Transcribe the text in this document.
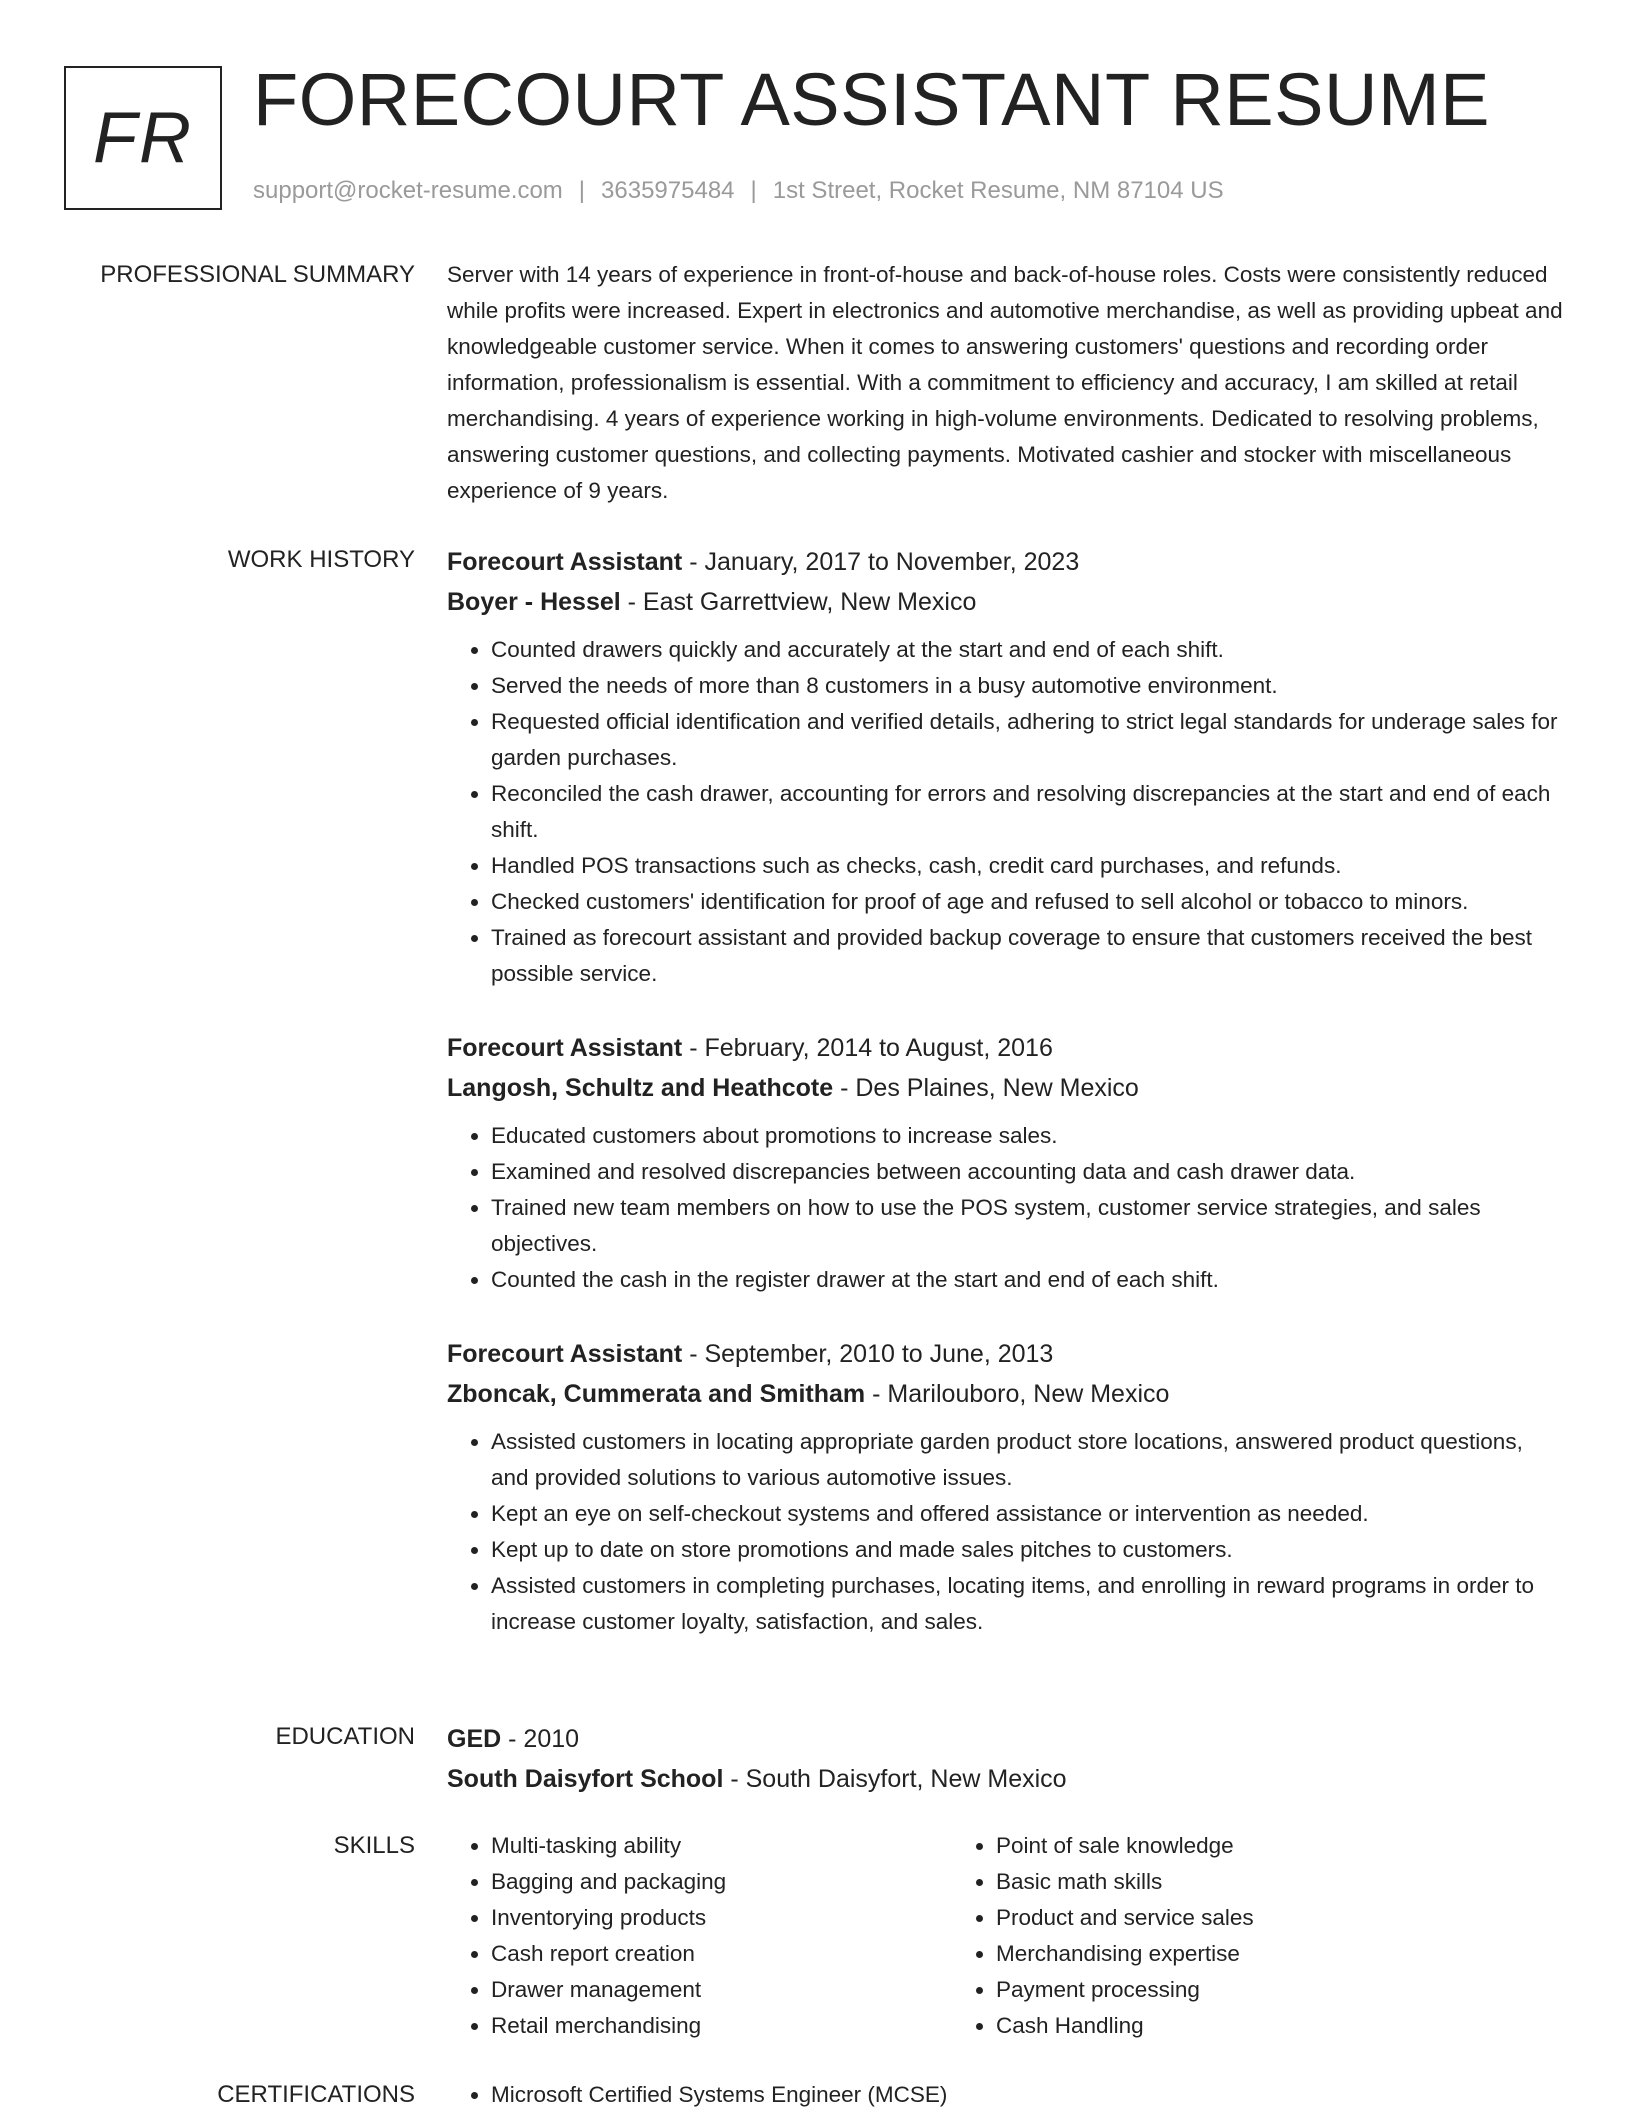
FR FORECOURT ASSISTANT RESUME
support@rocket-resume.com | 3635975484 | 1st Street, Rocket Resume, NM 87104 US
PROFESSIONAL SUMMARY Server with 14 years of experience in front-of-house and back-of-house roles. Costs were consistently reduced while profits were increased. Expert in electronics and automotive merchandise, as well as providing upbeat and knowledgeable customer service. When it comes to answering customers' questions and recording order information, professionalism is essential. With a commitment to efficiency and accuracy, I am skilled at retail merchandising. 4 years of experience working in high-volume environments. Dedicated to resolving problems, answering customer questions, and collecting payments. Motivated cashier and stocker with miscellaneous experience of 9 years.

WORK HISTORY Forecourt Assistant - January, 2017 to November, 2023
Boyer - Hessel - East Garrettview, New Mexico
• Counted drawers quickly and accurately at the start and end of each shift.
• Served the needs of more than 8 customers in a busy automotive environment.
• Requested official identification and verified details, adhering to strict legal standards for underage sales for garden purchases.
• Reconciled the cash drawer, accounting for errors and resolving discrepancies at the start and end of each shift.
• Handled POS transactions such as checks, cash, credit card purchases, and refunds.
• Checked customers' identification for proof of age and refused to sell alcohol or tobacco to minors.
• Trained as forecourt assistant and provided backup coverage to ensure that customers received the best possible service.
Forecourt Assistant - February, 2014 to August, 2016
Langosh, Schultz and Heathcote - Des Plaines, New Mexico
• Educated customers about promotions to increase sales.
• Examined and resolved discrepancies between accounting data and cash drawer data.
• Trained new team members on how to use the POS system, customer service strategies, and sales objectives.
• Counted the cash in the register drawer at the start and end of each shift.
Forecourt Assistant - September, 2010 to June, 2013
Zboncak, Cummerata and Smitham - Marilouboro, New Mexico
• Assisted customers in locating appropriate garden product store locations, answered product questions, and provided solutions to various automotive issues.
• Kept an eye on self-checkout systems and offered assistance or intervention as needed.
• Kept up to date on store promotions and made sales pitches to customers.
• Assisted customers in completing purchases, locating items, and enrolling in reward programs in order to increase customer loyalty, satisfaction, and sales.
EDUCATION GED - 2010
South Daisyfort School - South Daisyfort, New Mexico
SKILLS	• Multi-tasking ability
• Bagging and packaging
• Inventorying products
• Cash report creation
• Drawer management
• Retail merchandising
• Point of sale knowledge
• Basic math skills
• Product and service sales
• Merchandising expertise
• Payment processing
• Cash Handling
CERTIFICATIONS	• Microsoft Certified Systems Engineer (MCSE)
